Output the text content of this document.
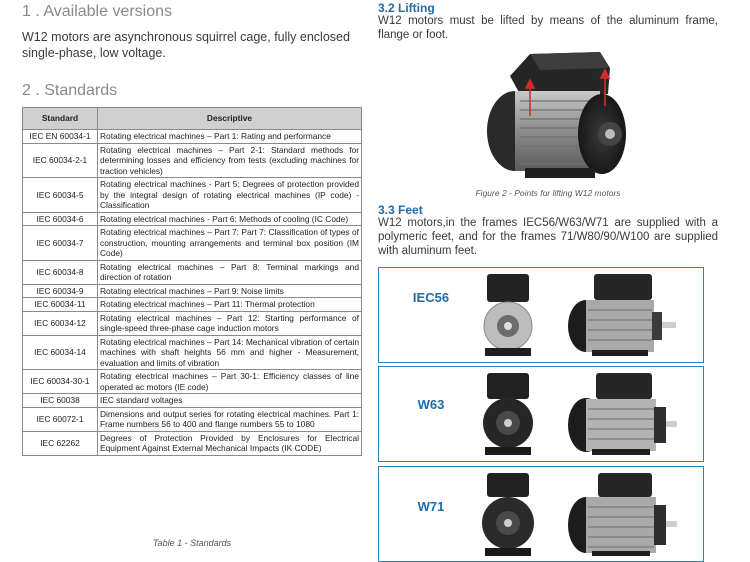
1 . Available versions
W12 motors are asynchronous squirrel cage, fully enclosed single-phase, low voltage.
2 . Standards
Standard	Descriptive
IEC EN 60034-1	Rotating electrical machines – Part 1: Rating and performance
IEC 60034-2-1	Rotating electrical machines – Part 2-1: Standard methods for determining losses and efficiency from tests (excluding machines for traction vehicles)
IEC 60034-5	Rotating electrical machines - Part 5: Degrees of protection provided by the integral design of rotating electrical machines (IP code) - Classification
IEC 60034-6	Rotating electrical machines - Part 6: Methods of cooling (IC Code)
IEC 60034-7	Rotating electrical machines – Part 7: Part 7: Classification of types of construction, mounting arrangements and terminal box position (IM Code)
IEC 60034-8	Rotating electrical machines – Part 8: Terminal markings and direction of rotation
IEC 60034-9	Rotating electrical machines – Part 9: Noise limits
IEC 60034-11	Rotating electrical machines – Part 11: Thermal protection
IEC 60034-12	Rotating electrical machines – Part 12: Starting performance of single-speed three-phase cage induction motors
IEC 60034-14	Rotating electrical machines – Part 14: Mechanical vibration of certain machines with shaft heights 56 mm and higher - Measurement, evaluation and limits of vibration
IEC 60034-30-1	Rotating electrical machines – Part 30-1: Efficiency classes of line operated ac motors (IE code)
IEC 60038	IEC standard voltages
IEC 60072-1	Dimensions and output series for rotating electrical machines. Part 1: Frame numbers 56 to 400 and flange numbers 55 to 1080
IEC 62262	Degrees of Protection Provided by Enclosures for Electrical Equipment Against External Mechanical Impacts (IK CODE)
Table 1 - Standards
3.2 Lifting
W12 motors must be lifted by means of the aluminum frame, flange or foot.
Figure 2 - Points for lifting W12 motors
3.3 Feet
W12 motors,in the frames IEC56/W63/W71 are supplied with a polymeric feet, and for the frames 71/W80/90/W100 are supplied with aluminum feet.
IEC56
W63
W71
